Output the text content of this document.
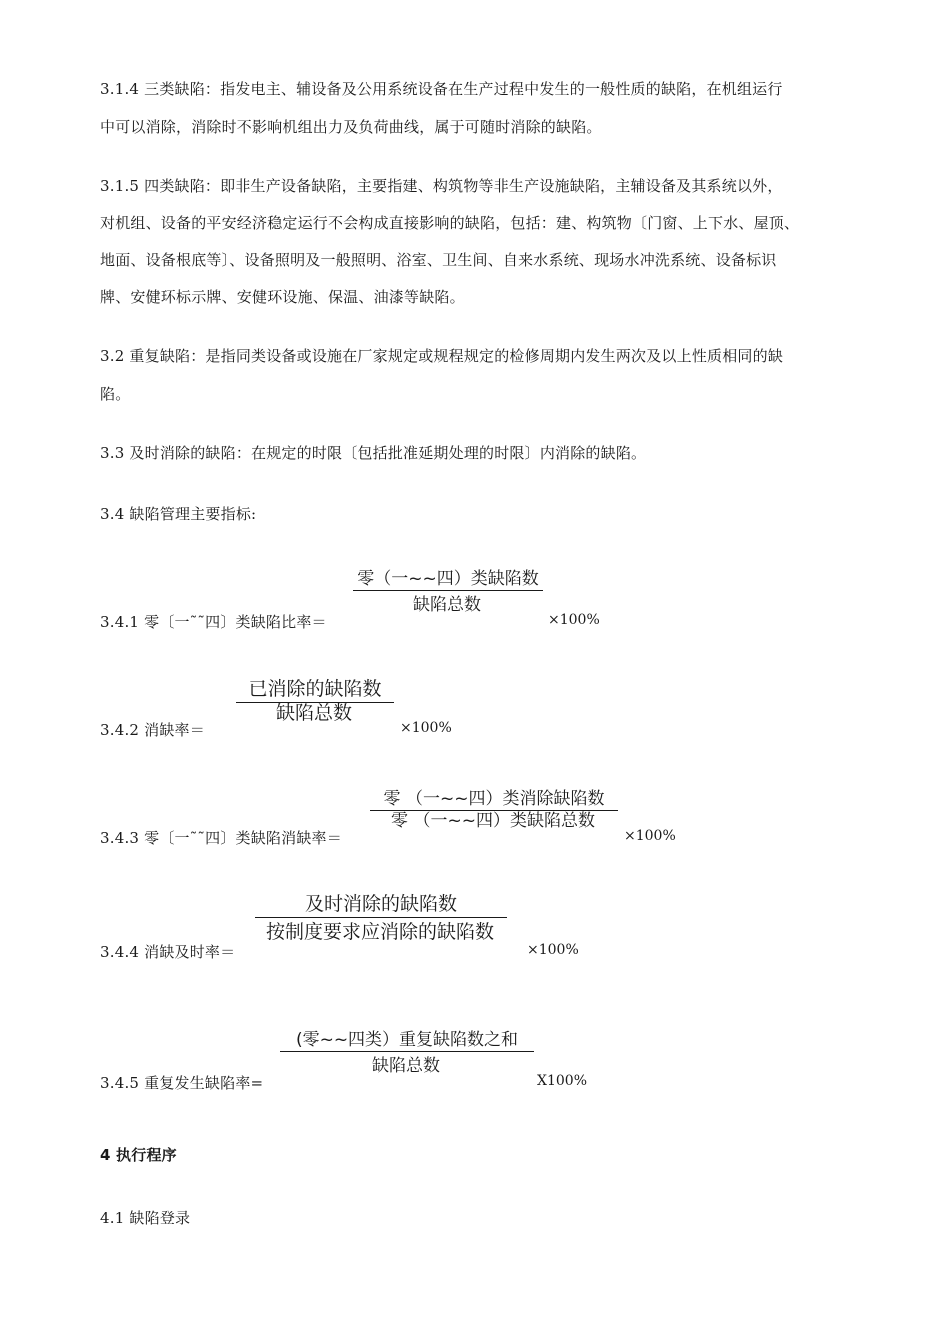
3.1.4 三类缺陷：指发电主、辅设备及公用系统设备在生产过程中发生的一般性质的缺陷，在机组运行
中可以消除，消除时不影响机组出力及负荷曲线，属于可随时消除的缺陷。
3.1.5 四类缺陷：即非生产设备缺陷，主要指建、构筑物等非生产设施缺陷，主辅设备及其系统以外，
对机组、设备的平安经济稳定运行不会构成直接影响的缺陷，包括：建、构筑物〔门窗、上下水、屋顶、
地面、设备根底等〕、设备照明及一般照明、浴室、卫生间、自来水系统、现场水冲洗系统、设备标识
牌、安健环标示牌、安健环设施、保温、油漆等缺陷。
3.2 重复缺陷：是指同类设备或设施在厂家规定或规程规定的检修周期内发生两次及以上性质相同的缺
陷。
3.3 及时消除的缺陷：在规定的时限〔包括批准延期处理的时限〕内消除的缺陷。
3.4 缺陷管理主要指标:
零（一~~四）类缺陷数
缺陷总数
3.4.1 零〔一˜˜四〕类缺陷比率＝	×100%
已消除的缺陷数
缺陷总数
3.4.2 消缺率＝	×100%
零 （一~~四）类消除缺陷数
零 （一~~四）类缺陷总数
3.4.3 零〔一˜˜四〕类缺陷消缺率＝	×100%
及时消除的缺陷数
按制度要求应消除的缺陷数
3.4.4 消缺及时率＝	×100%
(零~~四类）重复缺陷数之和
缺陷总数
3.4.5 重复发生缺陷率=	X100%
4 执行程序
4.1 缺陷登录
